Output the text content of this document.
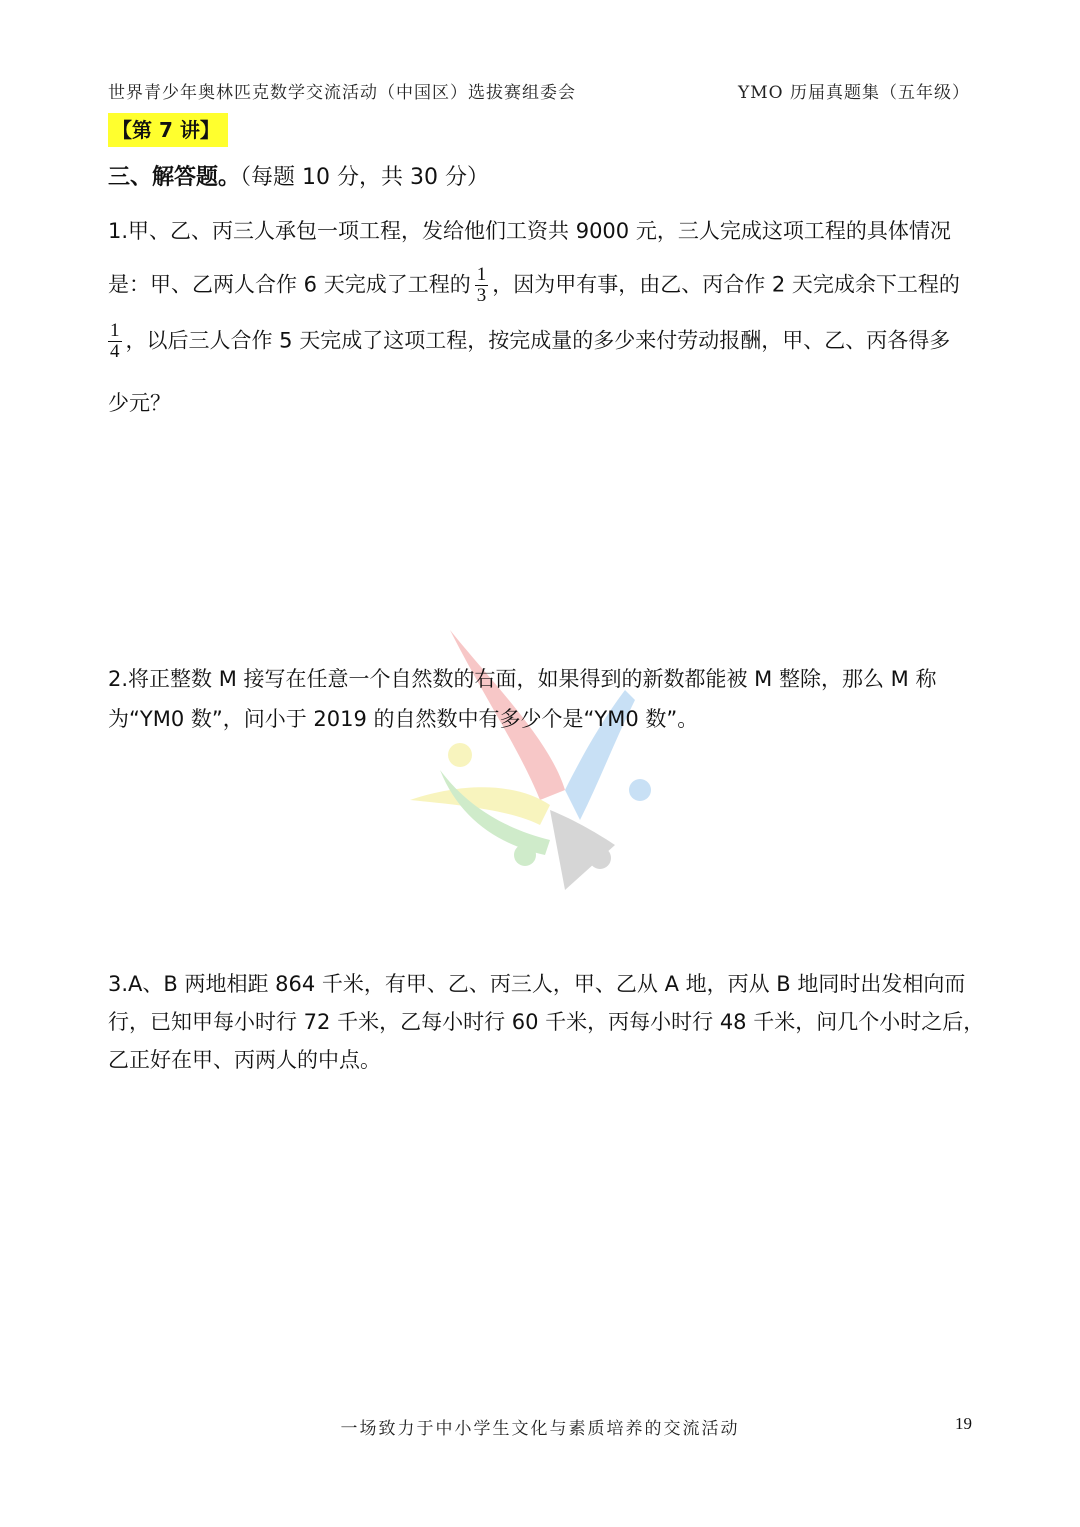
世界青少年奥林匹克数学交流活动（中国区）选拔赛组委会	YMO 历届真题集（五年级）
【第 7 讲】
三、解答题。（每题 10 分，共 30 分）
1.甲、乙、丙三人承包一项工程，发给他们工资共 9000 元，三人完成这项工程的具体情况
是：甲、乙两人合作 6 天完成了工程的 $\frac{1}{3}$ ，因为甲有事，由乙、丙合作 2 天完成余下工程的
$\frac{1}{4}$ ，以后三人合作 5 天完成了这项工程，按完成量的多少来付劳动报酬，甲、乙、丙各得多
少元？
2.将正整数 M 接写在任意一个自然数的右面，如果得到的新数都能被 M 整除，那么 M 称
为“YM0 数”，问小于 2019 的自然数中有多少个是“YM0 数”。
3.A、B 两地相距 864 千米，有甲、乙、丙三人，甲、乙从 A 地，丙从 B 地同时出发相向而
行，已知甲每小时行 72 千米，乙每小时行 60 千米，丙每小时行 48 千米，问几个小时之后，
乙正好在甲、丙两人的中点。
一场致力于中小学生文化与素质培养的交流活动	19
